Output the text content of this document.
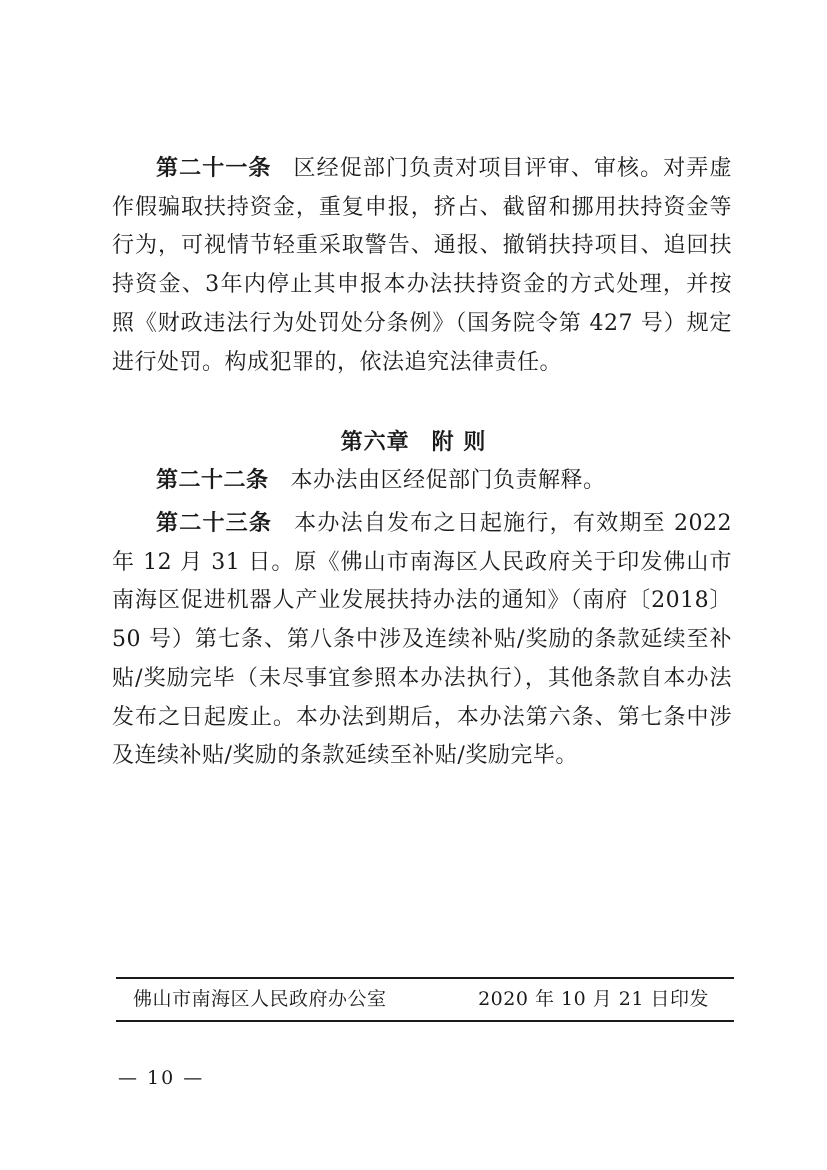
第二十一条 区经促部门负责对项目评审、审核。对弄虚作假骗取扶持资金，重复申报，挤占、截留和挪用扶持资金等行为，可视情节轻重采取警告、通报、撤销扶持项目、追回扶持资金、3年内停止其申报本办法扶持资金的方式处理，并按照《财政违法行为处罚处分条例》（国务院令第 427 号）规定进行处罚。构成犯罪的，依法追究法律责任。

第六章 附 则

第二十二条 本办法由区经促部门负责解释。

第二十三条 本办法自发布之日起施行，有效期至 2022 年 12 月 31 日。原《佛山市南海区人民政府关于印发佛山市南海区促进机器人产业发展扶持办法的通知》（南府〔2018〕50 号）第七条、第八条中涉及连续补贴/奖励的条款延续至补贴/奖励完毕（未尽事宜参照本办法执行），其他条款自本办法发布之日起废止。本办法到期后，本办法第六条、第七条中涉及连续补贴/奖励的条款延续至补贴/奖励完毕。

佛山市南海区人民政府办公室	2020 年 10 月 21 日印发
— 10 —
